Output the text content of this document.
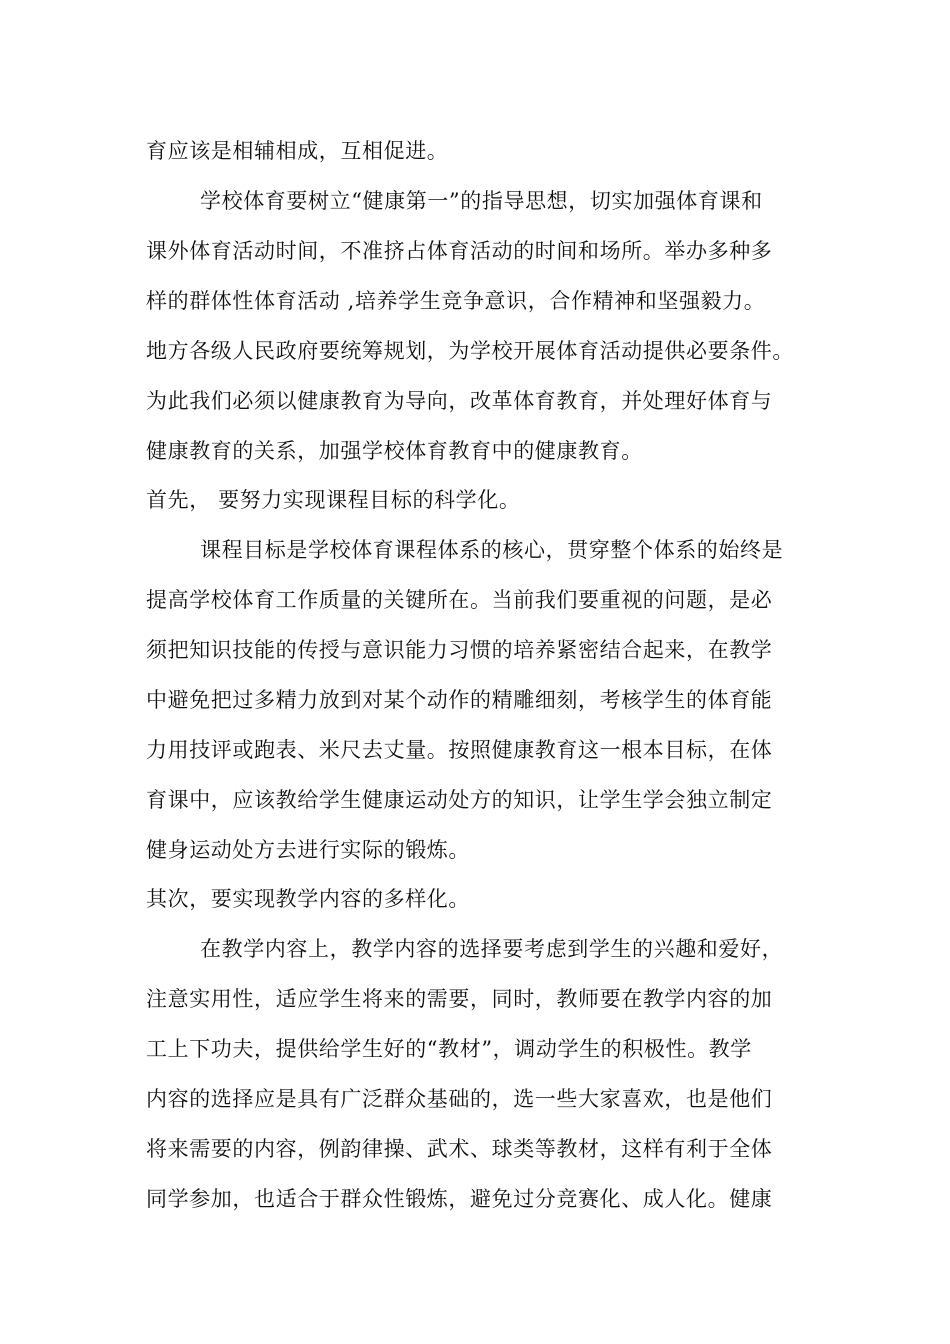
育应该是相辅相成，互相促进。
学校体育要树立“健康第一”的指导思想，切实加强体育课和
课外体育活动时间，不准挤占体育活动的时间和场所。举办多种多
样的群体性体育活动 ,培养学生竞争意识，合作精神和坚强毅力。
地方各级人民政府要统筹规划，为学校开展体育活动提供必要条件。
为此我们必须以健康教育为导向，改革体育教育，并处理好体育与
健康教育的关系，加强学校体育教育中的健康教育。
首先， 要努力实现课程目标的科学化。
课程目标是学校体育课程体系的核心，贯穿整个体系的始终是
提高学校体育工作质量的关键所在。当前我们要重视的问题，是必
须把知识技能的传授与意识能力习惯的培养紧密结合起来，在教学
中避免把过多精力放到对某个动作的精雕细刻，考核学生的体育能
力用技评或跑表、米尺去丈量。按照健康教育这一根本目标，在体
育课中，应该教给学生健康运动处方的知识，让学生学会独立制定
健身运动处方去进行实际的锻炼。
其次，要实现教学内容的多样化。
在教学内容上，教学内容的选择要考虑到学生的兴趣和爱好，
注意实用性，适应学生将来的需要，同时，教师要在教学内容的加
工上下功夫，提供给学生好的“教材”，调动学生的积极性。教学
内容的选择应是具有广泛群众基础的，选一些大家喜欢，也是他们
将来需要的内容，例韵律操、武术、球类等教材，这样有利于全体
同学参加，也适合于群众性锻炼，避免过分竞赛化、成人化。健康
